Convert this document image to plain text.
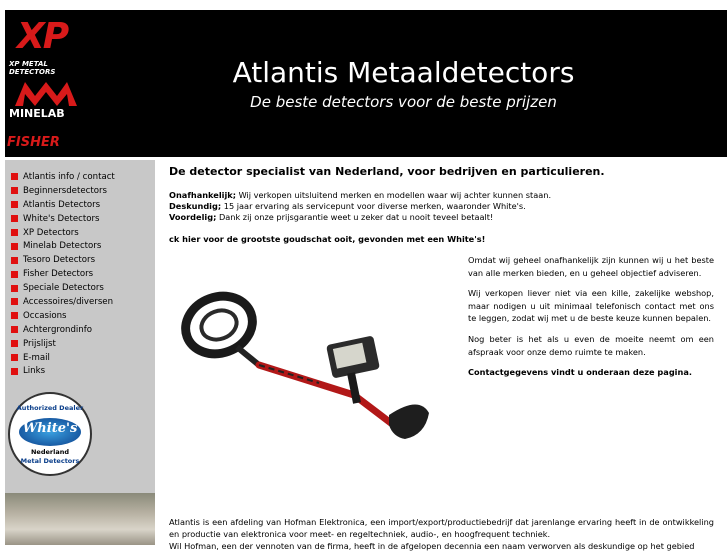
XP
XP METAL DETECTORS
MINELAB
FISHER
Atlantis Metaaldetectors
De beste detectors voor de beste prijzen
Atlantis info / contact
Beginnersdetectors
Atlantis Detectors
White's Detectors
XP Detectors
Minelab Detectors
Tesoro Detectors
Fisher Detectors
Speciale Detectors
Accessoires/diversen
Occasions
Achtergrondinfo
Prijslijst
E-mail
Links
Authorized Dealer
White's
Nederland
Metal Detectors
De detector specialist van Nederland, voor bedrijven en particulieren.
Onafhankelijk; Wij verkopen uitsluitend merken en modellen waar wij achter kunnen staan.
Deskundig; 15 jaar ervaring als servicepunt voor diverse merken, waaronder White's.
Voordelig; Dank zij onze prijsgarantie weet u zeker dat u nooit teveel betaalt!
ck hier voor de grootste goudschat ooit, gevonden met een White's!

Omdat wij geheel onafhankelijk zijn kunnen wij u het beste van alle merken bieden, en u geheel objectief adviseren.

Wij verkopen liever niet via een kille, zakelijke webshop, maar nodigen u uit minimaal telefonisch contact met ons te leggen, zodat wij met u de beste keuze kunnen bepalen.

Nog beter is het als u even de moeite neemt om een afspraak voor onze demo ruimte te maken.

Contactgegevens vindt u onderaan deze pagina.

Atlantis is een afdeling van Hofman Elektronica, een import/export/productiebedrijf dat jarenlange ervaring heeft in de ontwikkeling en productie van elektronica voor meet- en regeltechniek, audio-, en hoogfrequent techniek.
Wil Hofman, een der vennoten van de firma, heeft in de afgelopen decennia een naam verworven als deskundige op het gebied
